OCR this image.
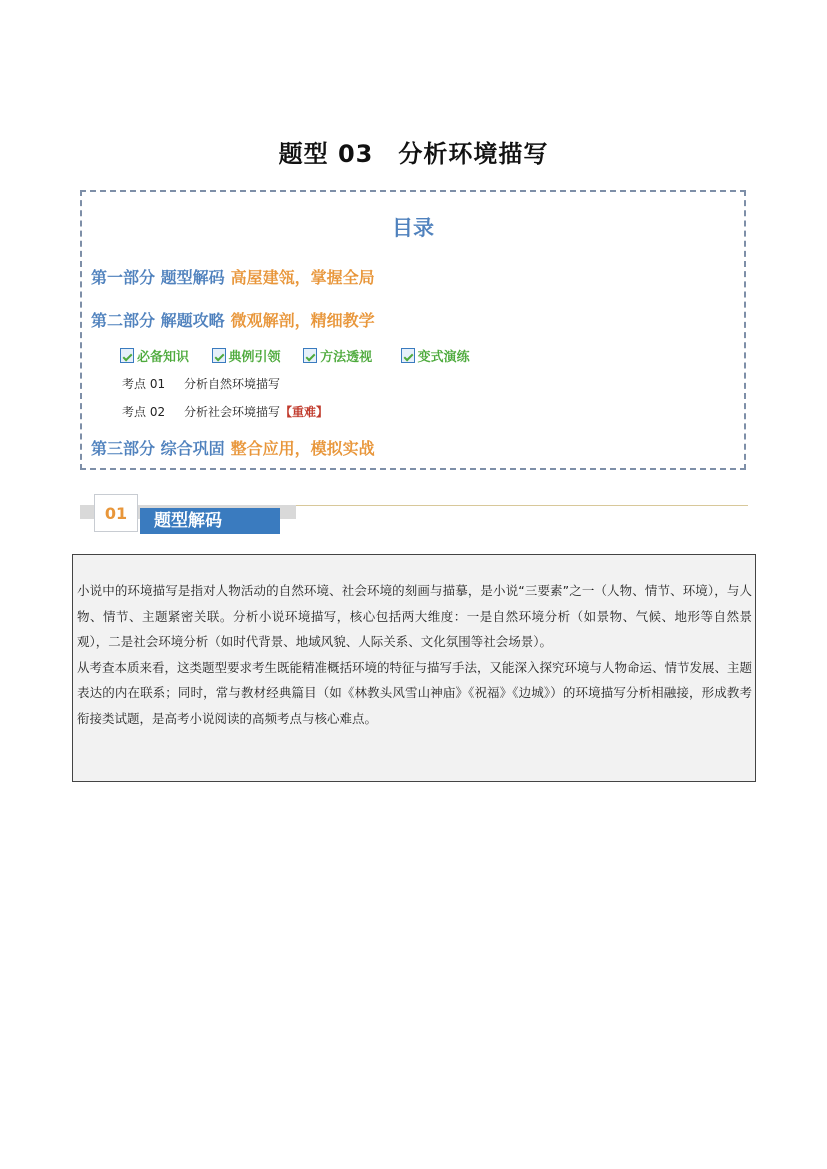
题型 03　分析环境描写
目录
第一部分 题型解码 高屋建瓴，掌握全局
第二部分 解题攻略 微观解剖，精细教学
必备知识	典例引领	方法透视	变式演练
考点 01 分析自然环境描写
考点 02 分析社会环境描写【重难】
第三部分 综合巩固 整合应用，模拟实战
题型解码
01

小说中的环境描写是指对人物活动的自然环境、社会环境的刻画与描摹，是小说“三要素”之一（人物、情节、环境），与人物、情节、主题紧密关联。分析小说环境描写，核心包括两大维度：一是自然环境分析（如景物、气候、地形等自然景观），二是社会环境分析（如时代背景、地域风貌、人际关系、文化氛围等社会场景）。

从考查本质来看，这类题型要求考生既能精准概括环境的特征与描写手法，又能深入探究环境与人物命运、情节发展、主题表达的内在联系；同时，常与教材经典篇目（如《林教头风雪山神庙》《祝福》《边城》）的环境描写分析相融接，形成教考衔接类试题，是高考小说阅读的高频考点与核心难点。
